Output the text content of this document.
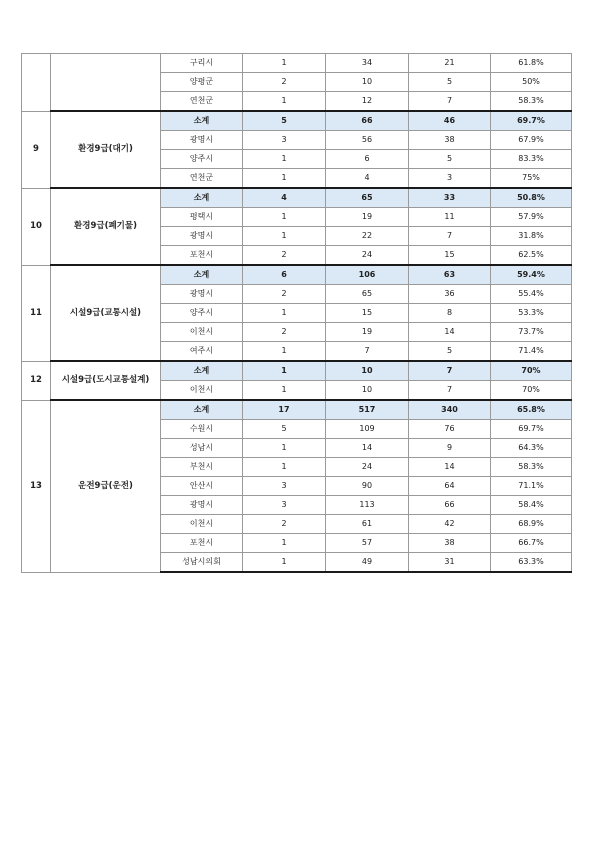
		구리시	1	34	21	61.8%
		양평군	2	10	5	50%
		연천군	1	12	7	58.3%
9	환경9급(대기)	소계	5	66	46	69.7%
		광명시	3	56	38	67.9%
		양주시	1	6	5	83.3%
		연천군	1	4	3	75%
10	환경9급(폐기물)	소계	4	65	33	50.8%
		평택시	1	19	11	57.9%
		광명시	1	22	7	31.8%
		포천시	2	24	15	62.5%
11	시설9급(교통시설)	소계	6	106	63	59.4%
		광명시	2	65	36	55.4%
		양주시	1	15	8	53.3%
		이천시	2	19	14	73.7%
		여주시	1	7	5	71.4%
12	시설9급(도시교통설계)	소계	1	10	7	70%
		이천시	1	10	7	70%
13	운전9급(운전)	소계	17	517	340	65.8%
		수원시	5	109	76	69.7%
		성남시	1	14	9	64.3%
		부천시	1	24	14	58.3%
		안산시	3	90	64	71.1%
		광명시	3	113	66	58.4%
		이천시	2	61	42	68.9%
		포천시	1	57	38	66.7%
		성남시의회	1	49	31	63.3%
